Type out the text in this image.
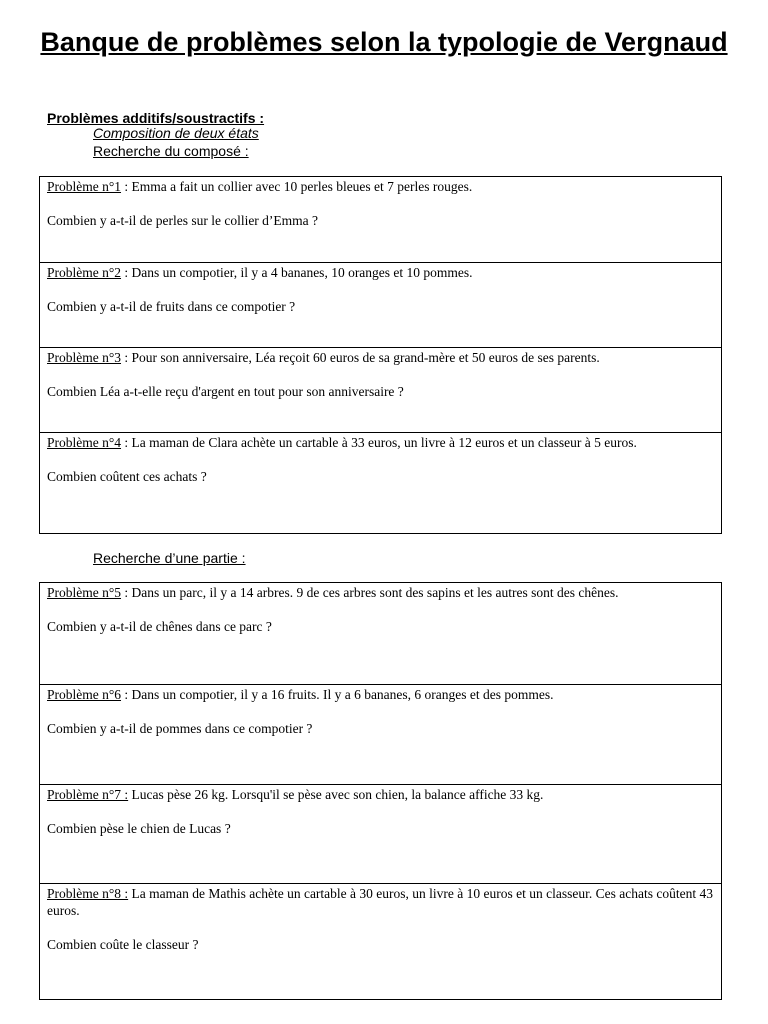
Banque de problèmes selon la typologie de Vergnaud
Problèmes additifs/soustractifs :
Composition de deux états
Recherche du composé :

Problème n°1 : Emma a fait un collier avec 10 perles bleues et 7 perles rouges.

Combien y a-t-il de perles sur le collier d’Emma ?

Problème n°2 : Dans un compotier, il y a 4 bananes, 10 oranges et 10 pommes.

Combien y a-t-il de fruits dans ce compotier ?

Problème n°3 : Pour son anniversaire, Léa reçoit 60 euros de sa grand-mère et 50 euros de ses parents.

Combien Léa a-t-elle reçu d'argent en tout pour son anniversaire ?

Problème n°4 : La maman de Clara achète un cartable à 33 euros, un livre à 12 euros et un classeur à 5 euros.

Combien coûtent ces achats ?

Recherche d’une partie :

Problème n°5 : Dans un parc, il y a 14 arbres. 9 de ces arbres sont des sapins et les autres sont des chênes.

Combien y a-t-il de chênes dans ce parc ?

Problème n°6 : Dans un compotier, il y a 16 fruits. Il y a 6 bananes, 6 oranges et des pommes.

Combien y a-t-il de pommes dans ce compotier ?

Problème n°7 : Lucas pèse 26 kg. Lorsqu'il se pèse avec son chien, la balance affiche 33 kg.

Combien pèse le chien de Lucas ?

Problème n°8 : La maman de Mathis achète un cartable à 30 euros, un livre à 10 euros et un classeur. Ces achats coûtent 43 euros.

Combien coûte le classeur ?
